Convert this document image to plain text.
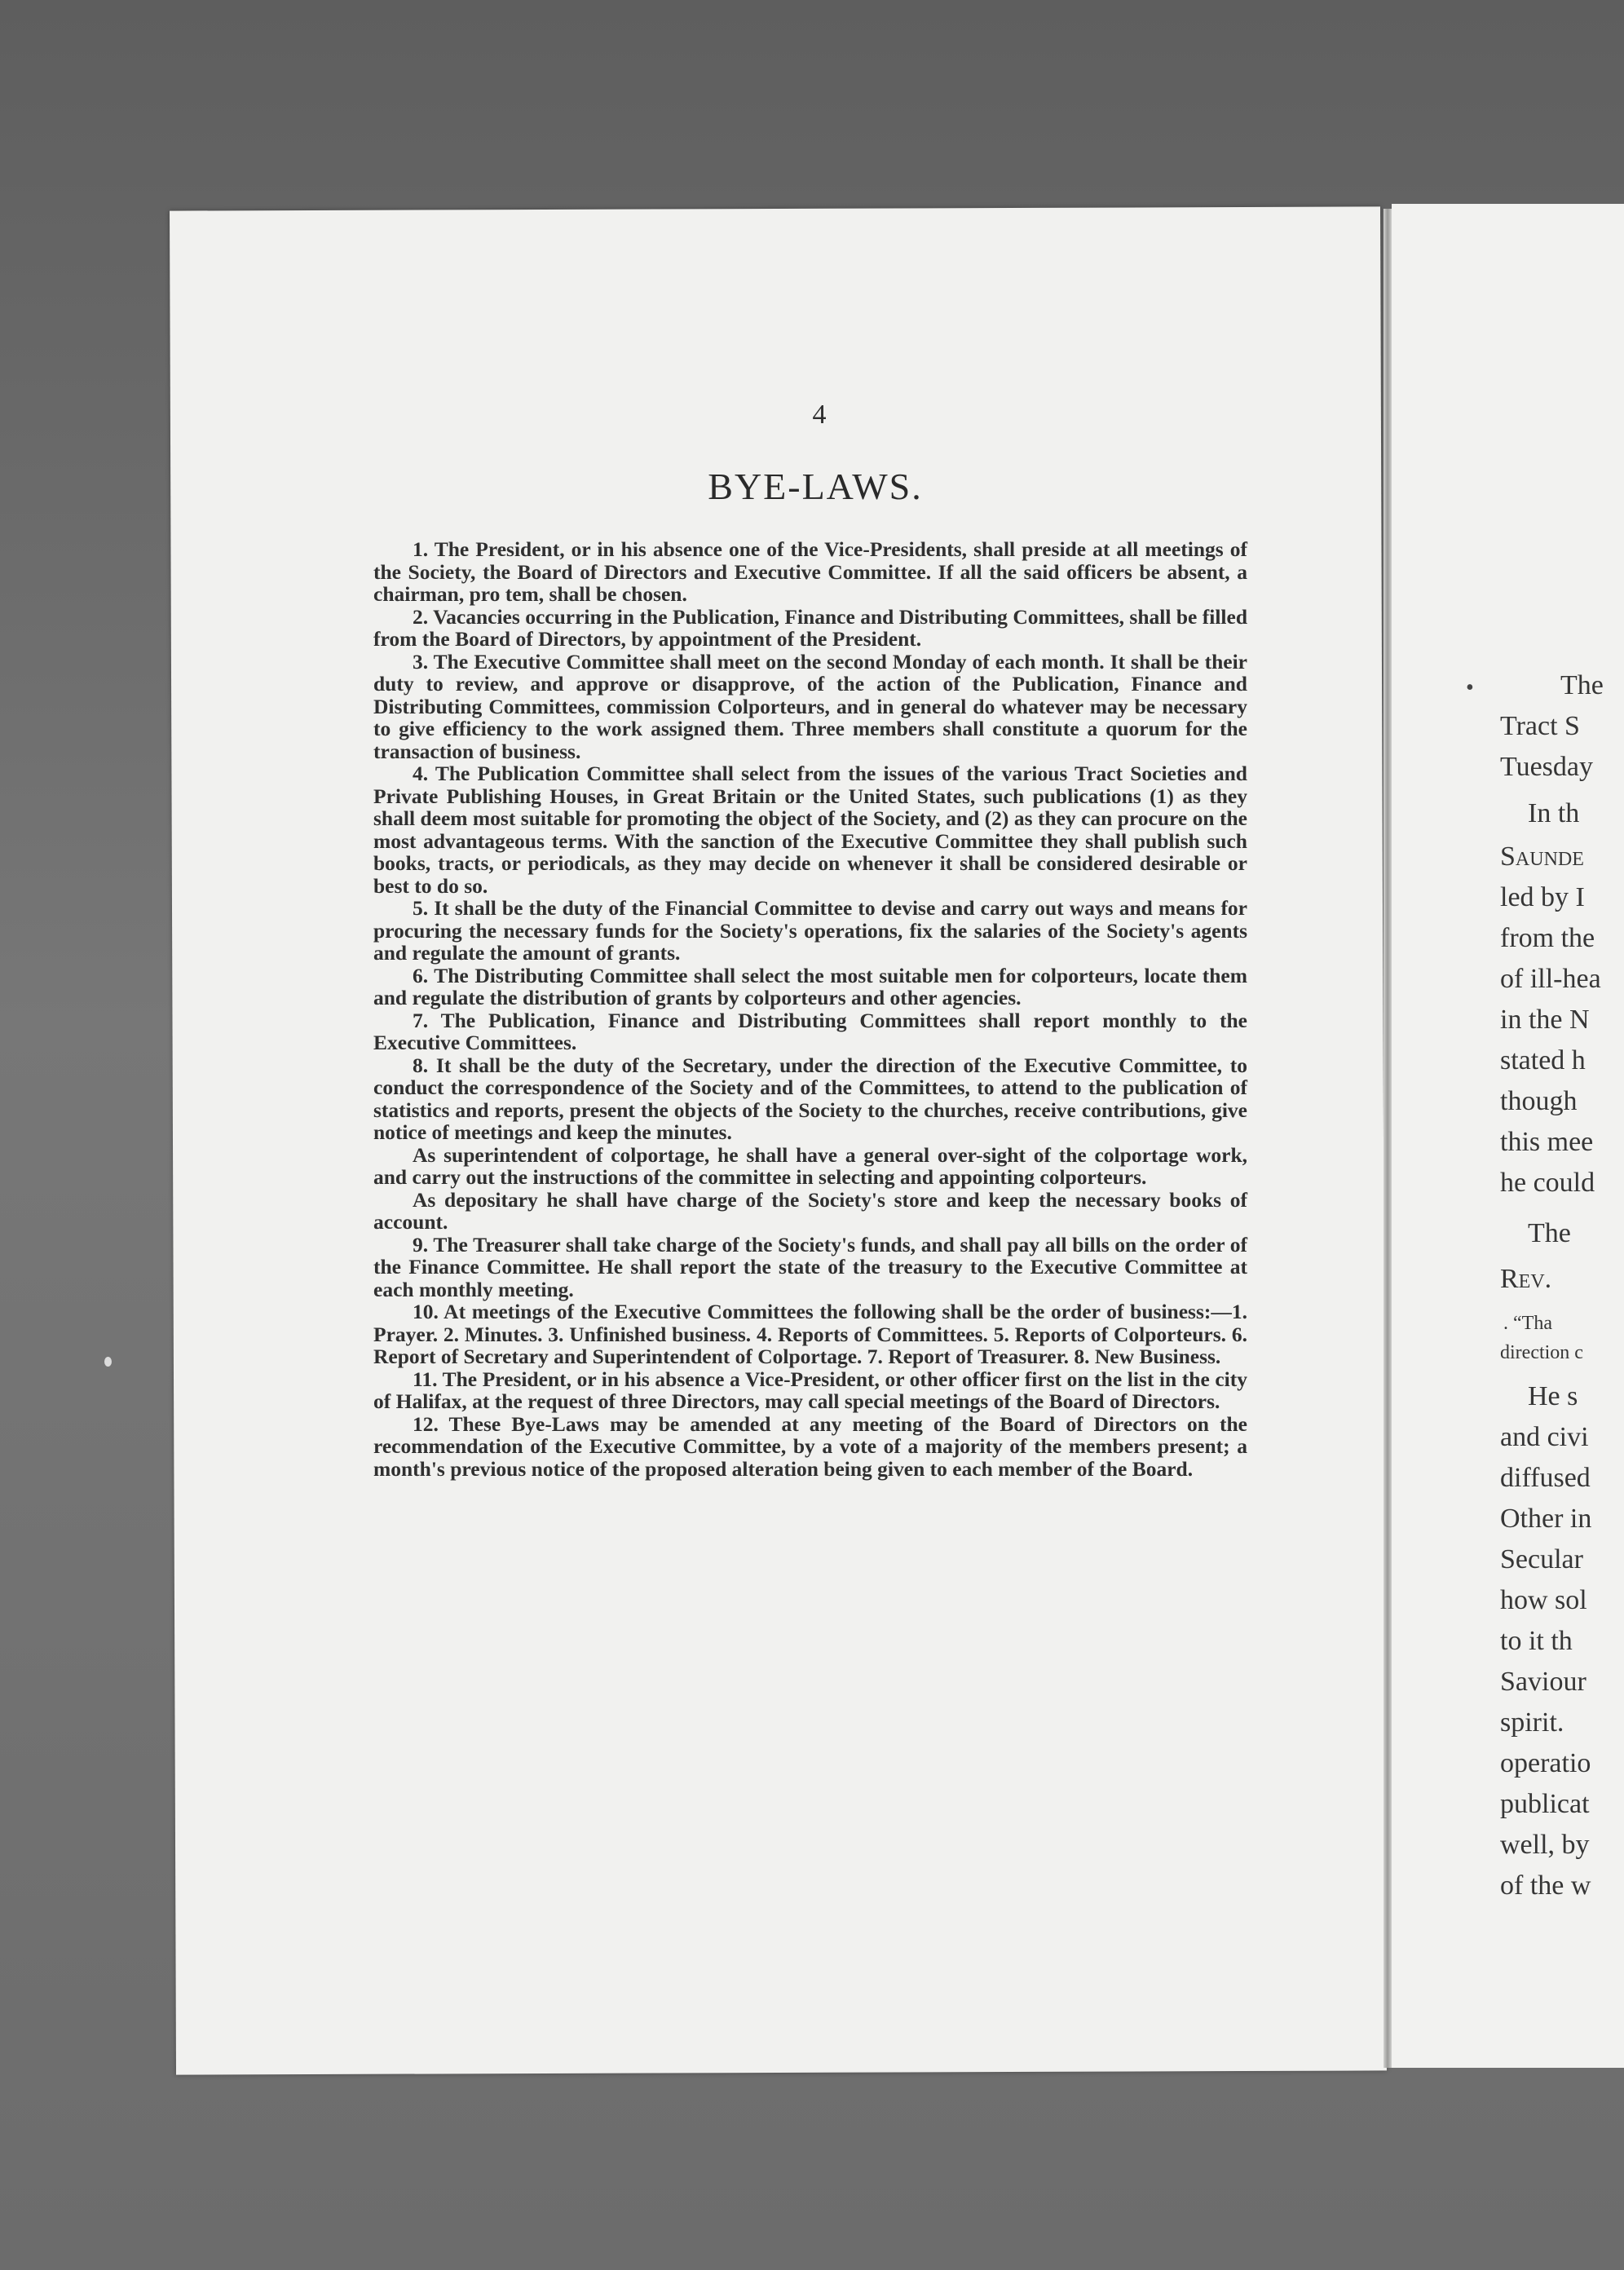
4
BYE-LAWS.

1. The President, or in his absence one of the Vice-Presidents, shall preside at all meetings of the Society, the Board of Directors and Executive Committee. If all the said officers be absent, a chairman, pro tem, shall be chosen.

2. Vacancies occurring in the Publication, Finance and Distributing Committees, shall be filled from the Board of Directors, by appointment of the President.

3. The Executive Committee shall meet on the second Monday of each month. It shall be their duty to review, and approve or disapprove, of the action of the Publication, Finance and Distributing Committees, commission Colporteurs, and in general do whatever may be necessary to give efficiency to the work assigned them. Three members shall constitute a quorum for the transaction of business.

4. The Publication Committee shall select from the issues of the various Tract Societies and Private Publishing Houses, in Great Britain or the United States, such publications (1) as they shall deem most suitable for promoting the object of the Society, and (2) as they can procure on the most advantageous terms. With the sanction of the Executive Committee they shall publish such books, tracts, or periodicals, as they may decide on whenever it shall be considered desirable or best to do so.

5. It shall be the duty of the Financial Committee to devise and carry out ways and means for procuring the necessary funds for the Society's operations, fix the salaries of the Society's agents and regulate the amount of grants.

6. The Distributing Committee shall select the most suitable men for colporteurs, locate them and regulate the distribution of grants by colporteurs and other agencies.

7. The Publication, Finance and Distributing Committees shall report monthly to the Executive Committees.

8. It shall be the duty of the Secretary, under the direction of the Executive Committee, to conduct the correspondence of the Society and of the Committees, to attend to the publication of statistics and reports, present the objects of the Society to the churches, receive contributions, give notice of meetings and keep the minutes.

As superintendent of colportage, he shall have a general over-sight of the colportage work, and carry out the instructions of the committee in selecting and appointing colporteurs.

As depositary he shall have charge of the Society's store and keep the necessary books of account.

9. The Treasurer shall take charge of the Society's funds, and shall pay all bills on the order of the Finance Committee. He shall report the state of the treasury to the Executive Committee at each monthly meeting.

10. At meetings of the Executive Committees the following shall be the order of business:—1. Prayer. 2. Minutes. 3. Unfinished business. 4. Reports of Committees. 5. Reports of Colporteurs. 6. Report of Secretary and Superintendent of Colportage. 7. Report of Treasurer. 8. New Business.

11. The President, or in his absence a Vice-President, or other officer first on the list in the city of Halifax, at the request of three Directors, may call special meetings of the Board of Directors.

12. These Bye-Laws may be amended at any meeting of the Board of Directors on the recommendation of the Executive Committee, by a vote of a majority of the members present; a month's previous notice of the proposed alteration being given to each member of the Board.

•	The
Tract S
Tuesday
In th
Saunde
led by I
from the
of ill-hea
in the N
stated h
though
this mee
he could
The
Rev.
. “Tha
direction c
He s
and civi
diffused
Other in
Secular
how sol
to it th
Saviour
spirit.
operatio
publicat
well, by
of the w
